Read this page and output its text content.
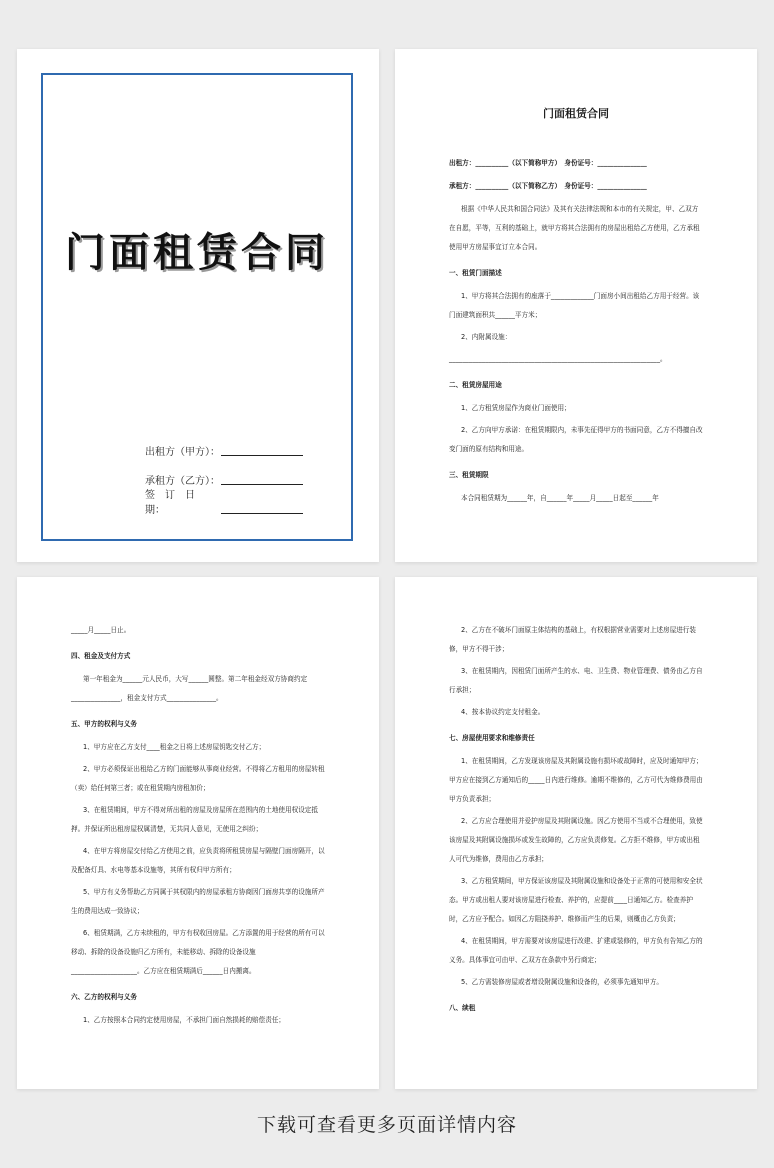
门面租赁合同
出租方（甲方）：
承租方（乙方）：
签　订　日　期：
门面租赁合同

出租方：__________（以下简称甲方）　身份证号：_______________

承租方：__________（以下简称乙方）　身份证号：_______________

根据《中华人民共和国合同法》及其有关法律法规和本市的有关规定，甲、乙双方在自愿，平等，互利的基础上，就甲方将其合法拥有的房屋出租给乙方使用，乙方承租使用甲方房屋事宜订立本合同。

一、租赁门面描述

1、甲方将其合法拥有的座落于_____________门面房小间出租给乙方用于经营。该门面建筑面积共______平方米；

2、内附属设施：

________________________________________________________________。

二、租赁房屋用途

1、乙方租赁房屋作为商业门面使用；

2、乙方向甲方承诺：在租赁期限内，未事先征得甲方的书面同意，乙方不得擅自改变门面的原有结构和用途。

三、租赁期限

本合同租赁期为______年，自______年_____月_____日起至______年

_____月_____日止。

四、租金及支付方式

第一年租金为______元人民币，大写______圆整。第二年租金经双方协商约定_______________，租金支付方式_______________。

五、甲方的权利与义务

1、甲方应在乙方支付____租金之日将上述房屋钥匙交付乙方；

2、甲方必须保证出租给乙方的门面能够从事商业经营。不得将乙方租用的房屋转租（卖）给任何第三者；或在租赁期内房租加价；

3、在租赁期间，甲方不得对所出租的房屋及房屋所在范围内的土地使用权设定抵押。并保证所出租房屋权属清楚，无共同人意见，无使用之纠纷；

4、在甲方将房屋交付给乙方使用之前，应负责将所租赁房屋与隔壁门面房隔开，以及配备灯具、水电等基本设施等，其所有权归甲方所有；

5、甲方有义务帮助乙方同属于其权限内的房屋承租方协商因门面房共享的设施所产生的费用达成一致协议；

6、租赁期满，乙方未续租的，甲方有权收回房屋。乙方添置的用于经营的所有可以移动、拆除的设备设施归乙方所有，未能移动、拆除的设备设施____________________。乙方应在租赁期满后______日内搬离。

六、乙方的权利与义务

1、乙方按照本合同约定使用房屋，不承担门面自然损耗的赔偿责任；

2、乙方在不破坏门面原主体结构的基础上，有权根据营业需要对上述房屋进行装修，甲方不得干涉；

3、在租赁期内，因租赁门面所产生的水、电、卫生费、物业管理费、债务由乙方自行承担；

4、按本协议约定支付租金。

七、房屋使用要求和维修责任

1、在租赁期间，乙方发现该房屋及其附属设施有损坏或故障时，应及时通知甲方；甲方应在接到乙方通知后的_____日内进行维修。逾期不维修的，乙方可代为维修费用由甲方负责承担；

2、乙方应合理使用并爱护房屋及其附属设施。因乙方使用不当或不合理使用，致使该房屋及其附属设施损坏或发生故障的，乙方应负责修复。乙方拒不维修，甲方或出租人可代为维修，费用由乙方承担；

3、乙方租赁期间，甲方保证该房屋及其附属设施和设备处于正常的可使用和安全状态。甲方或出租人要对该房屋进行检查、养护的，应提前____日通知乙方。检查养护时，乙方应予配合。如因乙方阻挠养护、维修而产生的后果，则概由乙方负责；

4、在租赁期间，甲方需要对该房屋进行改建、扩建或装修的，甲方负有告知乙方的义务。具体事宜可由甲、乙双方在条款中另行商定；

5、乙方需装修房屋或者增设附属设施和设备的，必须事先通知甲方。

八、续租

下载可查看更多页面详情内容
